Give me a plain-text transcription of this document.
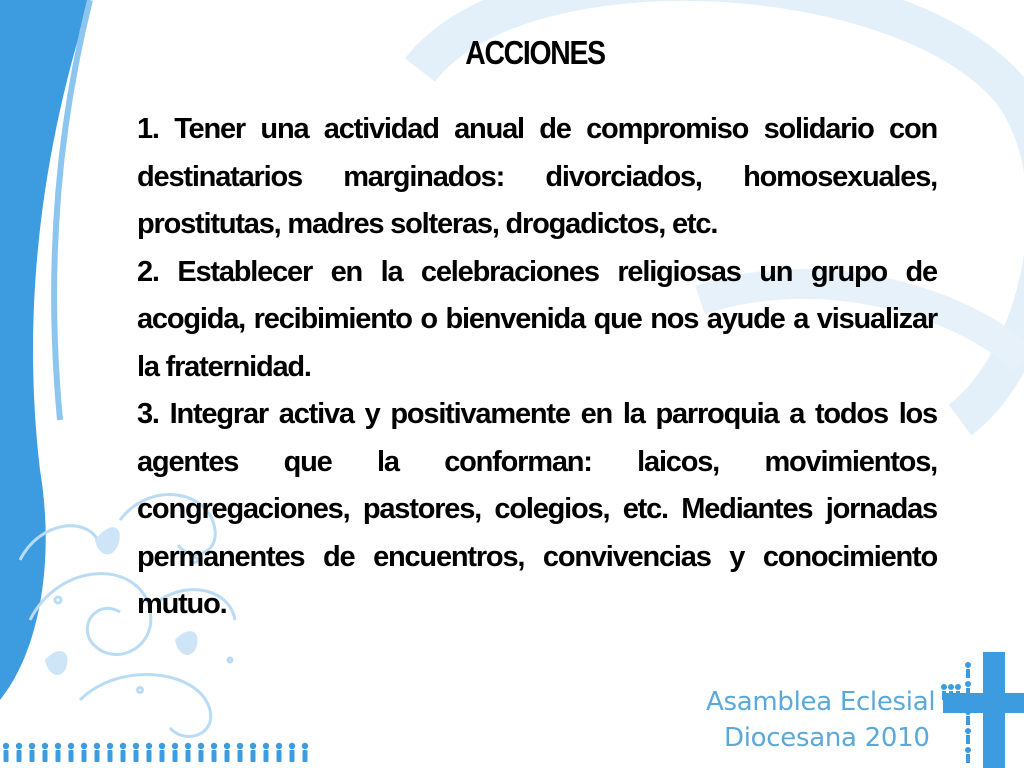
ACCIONES

1. Tener una actividad anual de compromiso solidario con destinatarios marginados: divorciados, homosexuales, prostitutas, madres solteras, drogadictos, etc.

2. Establecer en la celebraciones religiosas un grupo de acogida, recibimiento o bienvenida que nos ayude a visualizar la fraternidad.

3. Integrar activa y positivamente en la parroquia a todos los agentes que la conforman: laicos, movimientos, congregaciones, pastores, colegios, etc. Mediantes jornadas permanentes de encuentros, convivencias y conocimiento mutuo.

Asamblea Eclesial
Diocesana 2010
